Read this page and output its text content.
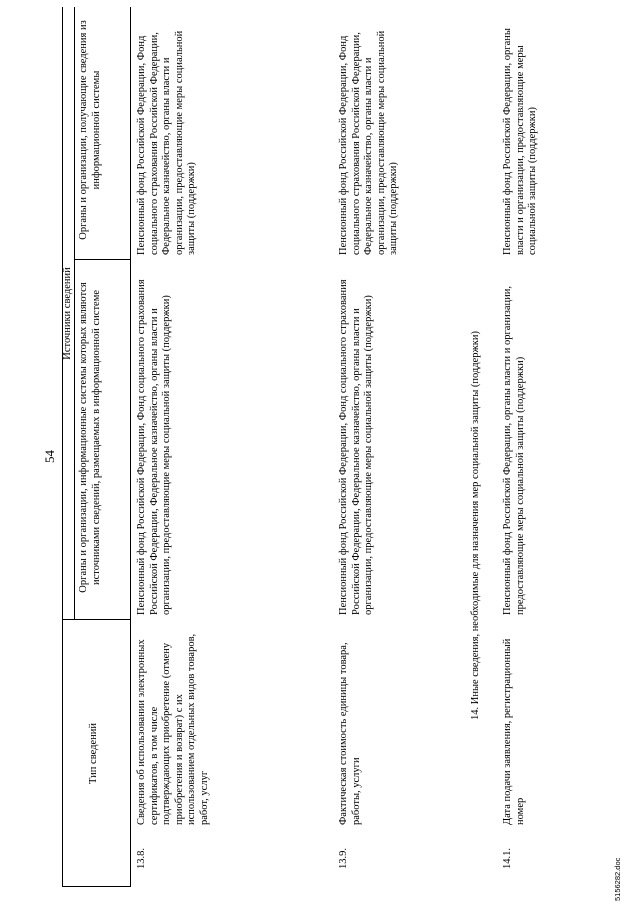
54
Тип сведений
Источники сведений Органы и организации, информационные системы которых являются источниками сведений, размещаемых в информационной системе
Органы и организации, получающие сведения из информационной системы
13.8.
Сведения об использовании электронных сертификатов, в том числе подтверждающих приобретение (отмену приобретения и возврат) с их использованием отдельных видов товаров, работ, услуг
Пенсионный фонд Российской Федерации, Фонд социального страхования Российской Федерации, Федеральное казначейство, органы власти и организации, предоставляющие меры социальной защиты (поддержки)
Пенсионный фонд Российской Федерации, Фонд социального страхования Российской Федерации, Федеральное казначейство, органы власти и организации, предоставляющие меры социальной защиты (поддержки)
13.9.
Фактическая стоимость единицы товара, работы, услуги
Пенсионный фонд Российской Федерации, Фонд социального страхования Российской Федерации, Федеральное казначейство, органы власти и организации, предоставляющие меры социальной защиты (поддержки)
Пенсионный фонд Российской Федерации, Фонд социального страхования Российской Федерации, Федеральное казначейство, органы власти и организации, предоставляющие меры социальной защиты (поддержки)
14. Иные сведения, необходимые для назначения мер социальной защиты (поддержки)
14.1.
Дата подачи заявления, регистрационный номер
Пенсионный фонд Российской Федерации, органы власти и организации, предоставляющие меры социальной защиты (поддержки)
Пенсионный фонд Российской Федерации, органы власти и организации, предоставляющие меры социальной защиты (поддержки)
5156282.doc
